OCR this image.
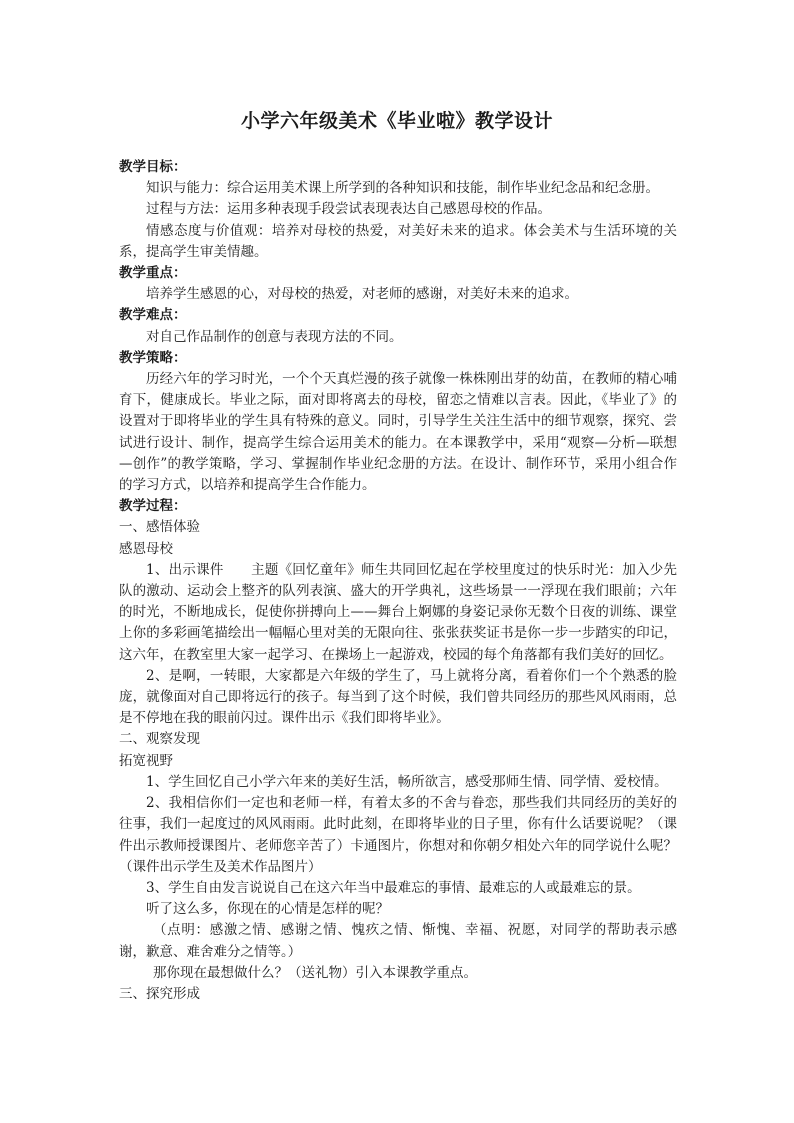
小学六年级美术《毕业啦》教学设计

教学目标：

知识与能力：综合运用美术课上所学到的各种知识和技能，制作毕业纪念品和纪念册。

过程与方法：运用多种表现手段尝试表现表达自己感恩母校的作品。

情感态度与价值观：培养对母校的热爱，对美好未来的追求。体会美术与生活环境的关系，提高学生审美情趣。

教学重点：

培养学生感恩的心，对母校的热爱，对老师的感谢，对美好未来的追求。

教学难点：

对自己作品制作的创意与表现方法的不同。

教学策略：

历经六年的学习时光，一个个天真烂漫的孩子就像一株株刚出芽的幼苗，在教师的精心哺育下，健康成长。毕业之际，面对即将离去的母校，留恋之情难以言表。因此，《毕业了》的设置对于即将毕业的学生具有特殊的意义。同时，引导学生关注生活中的细节观察，探究、尝试进行设计、制作，提高学生综合运用美术的能力。在本课教学中，采用“观察—分析—联想—创作”的教学策略，学习、掌握制作毕业纪念册的方法。在设计、制作环节，采用小组合作的学习方式，以培养和提高学生合作能力。

教学过程：

一、感悟体验

感恩母校

1、出示课件　　主题《回忆童年》师生共同回忆起在学校里度过的快乐时光：加入少先队的激动、运动会上整齐的队列表演、盛大的开学典礼，这些场景一一浮现在我们眼前；六年的时光，不断地成长，促使你拼搏向上——舞台上婀娜的身姿记录你无数个日夜的训练、课堂上你的多彩画笔描绘出一幅幅心里对美的无限向往、张张获奖证书是你一步一步踏实的印记，这六年，在教室里大家一起学习、在操场上一起游戏，校园的每个角落都有我们美好的回忆。

2、是啊，一转眼，大家都是六年级的学生了，马上就将分离，看着你们一个个熟悉的脸庞，就像面对自己即将远行的孩子。每当到了这个时候，我们曾共同经历的那些风风雨雨，总是不停地在我的眼前闪过。课件出示《我们即将毕业》。

二、观察发现

拓宽视野

1、学生回忆自己小学六年来的美好生活，畅所欲言，感受那师生情、同学情、爱校情。

2、我相信你们一定也和老师一样，有着太多的不舍与眷恋，那些我们共同经历的美好的往事，我们一起度过的风风雨雨。此时此刻，在即将毕业的日子里，你有什么话要说呢？（课件出示教师授课图片、老师您辛苦了）卡通图片，你想对和你朝夕相处六年的同学说什么呢？（课件出示学生及美术作品图片）

3、学生自由发言说说自己在这六年当中最难忘的事情、最难忘的人或最难忘的景。

听了这么多，你现在的心情是怎样的呢？

（点明：感激之情、感谢之情、愧疚之情、惭愧、幸福、祝愿，对同学的帮助表示感谢，歉意、难舍难分之情等。）

那你现在最想做什么？（送礼物）引入本课教学重点。

三、探究形成
